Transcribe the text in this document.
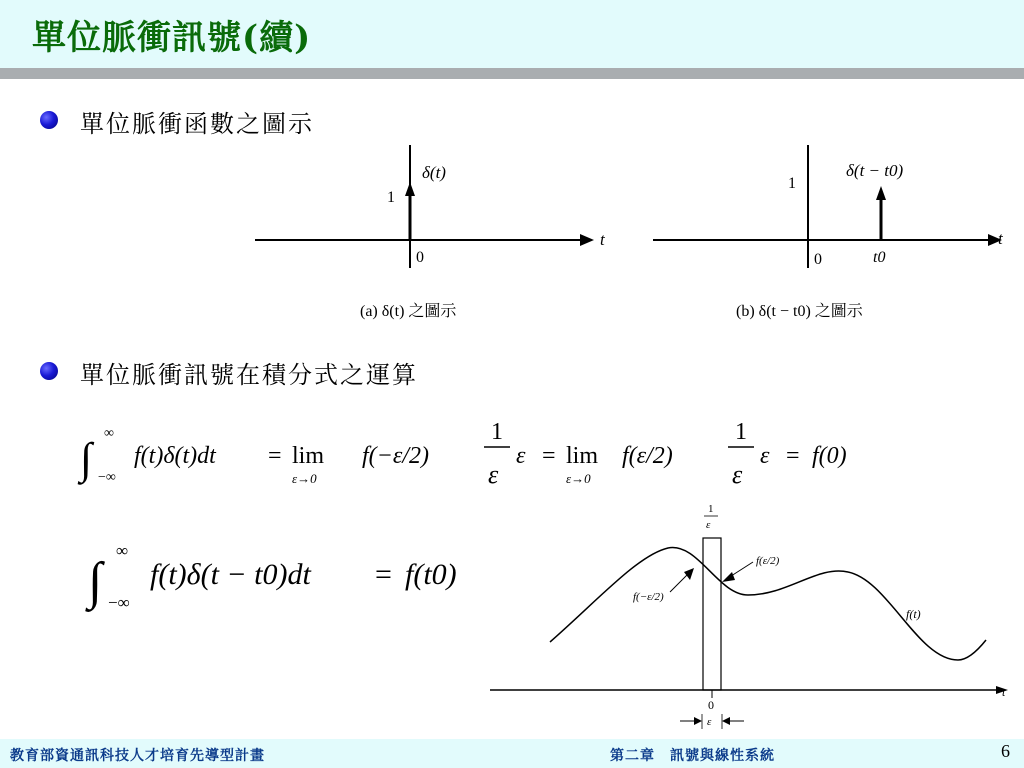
單位脈衝訊號(續)
單位脈衝函數之圖示
δ(t)
1
0
t
(a) δ(t) 之圖示
δ(t − t0)
1
0	t0
t
(b) δ(t − t0) 之圖示
單位脈衝訊號在積分式之運算
∫
∞
−∞
f(t)δ(t)dt = lim
ε→0
f(−ε/2)
1
ε
ε = lim
ε→0
f(ε/2)
1
ε
ε = f(0)
∫
∞
−∞
f(t)δ(t − t0)dt = f(t0)
1
ε
f(ε/2)
f(−ε/2)
f(t)
0
ε
t
教育部資通訊科技人才培育先導型計畫	第二章　訊號與線性系統	6
